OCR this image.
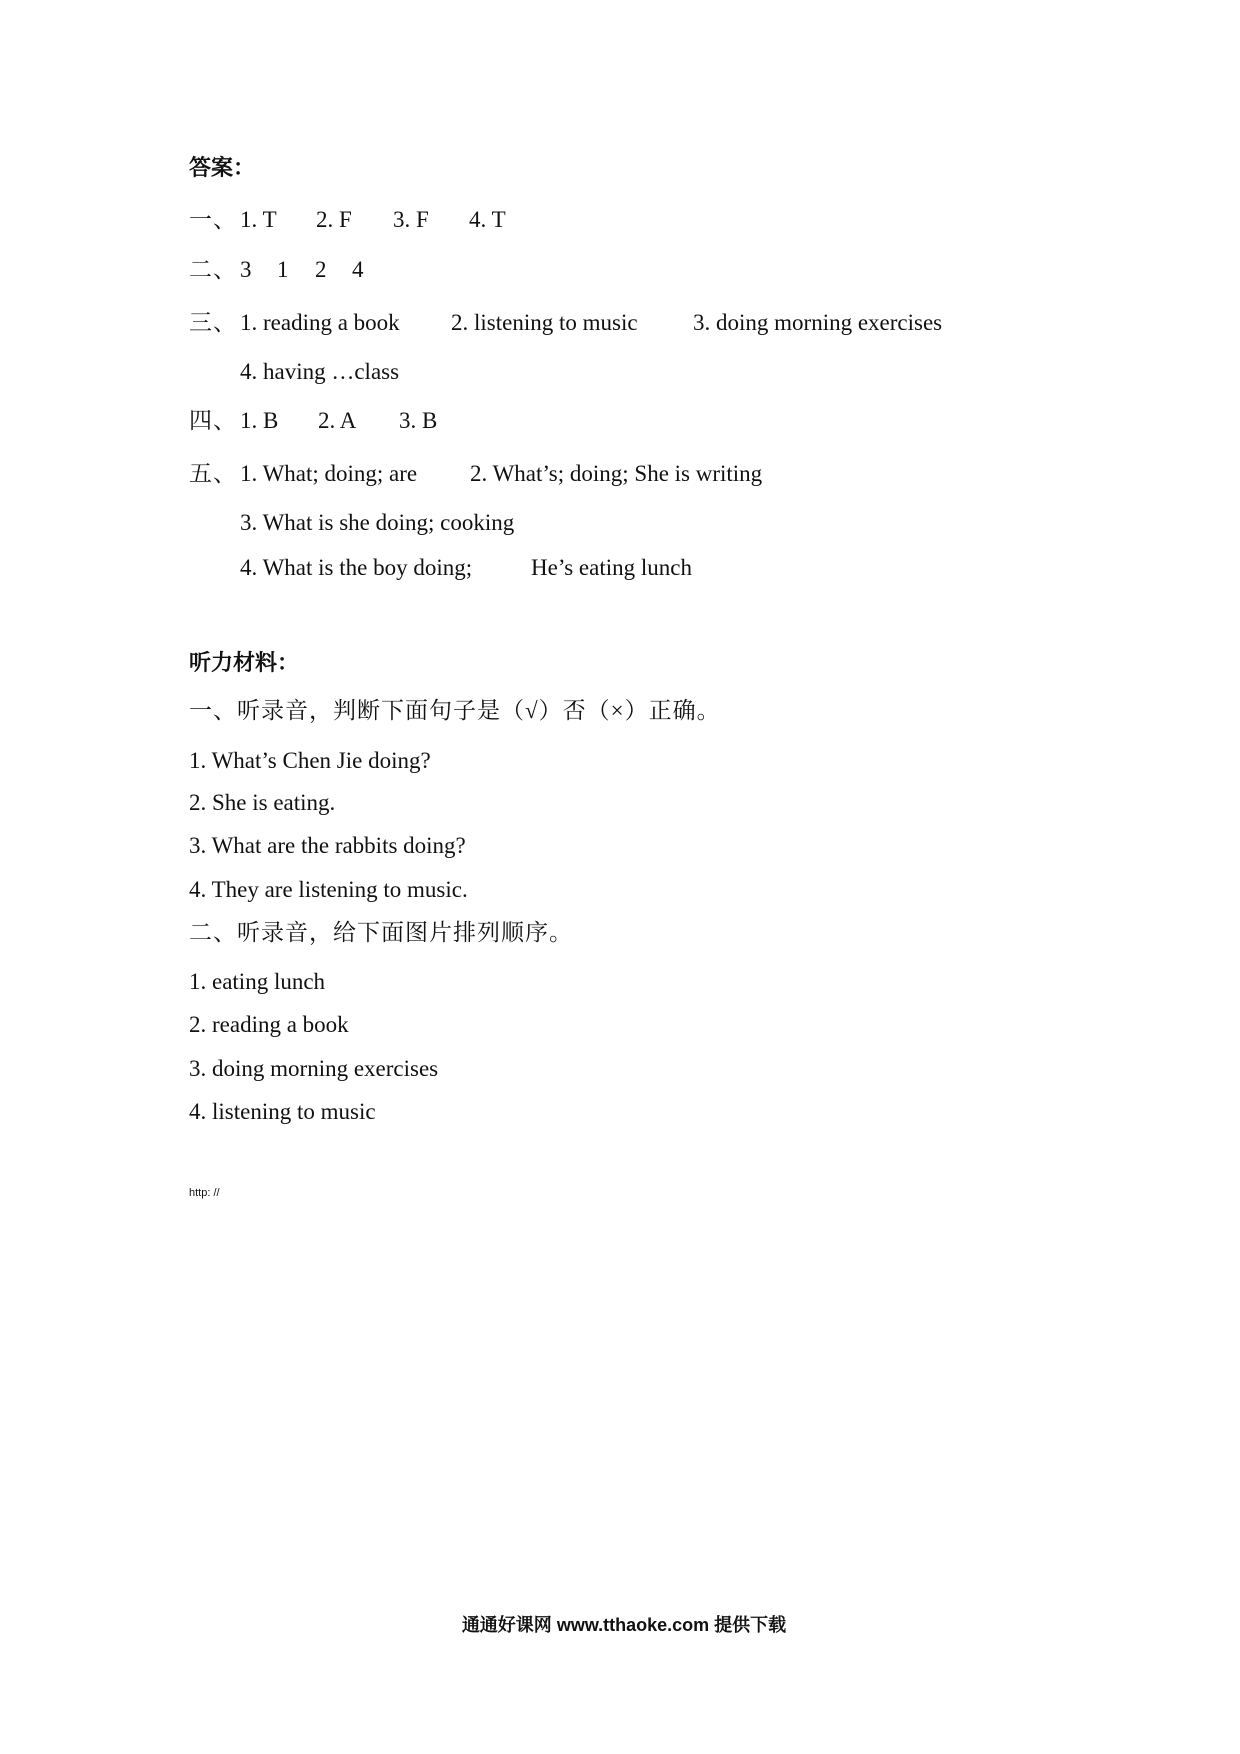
答案：
一、 1. T 2. F 3. F 4. T
二、 3 1 2 4
三、 1. reading a book 2. listening to music 3. doing morning exercises
4. having …class
四、 1. B 2. A 3. B
五、 1. What; doing; are 2. What’s; doing; She is writing
3. What is she doing; cooking
4. What is the boy doing;	He’s eating lunch
听力材料：
一、听录音，判断下面句子是（√）否（×）正确。
1. What’s Chen Jie doing?
2. She is eating.
3. What are the rabbits doing?
4. They are listening to music.
二、听录音，给下面图片排列顺序。
1. eating lunch
2. reading a book
3. doing morning exercises
4. listening to music
http: //
通通好课网 www.tthaoke.com 提供下载
